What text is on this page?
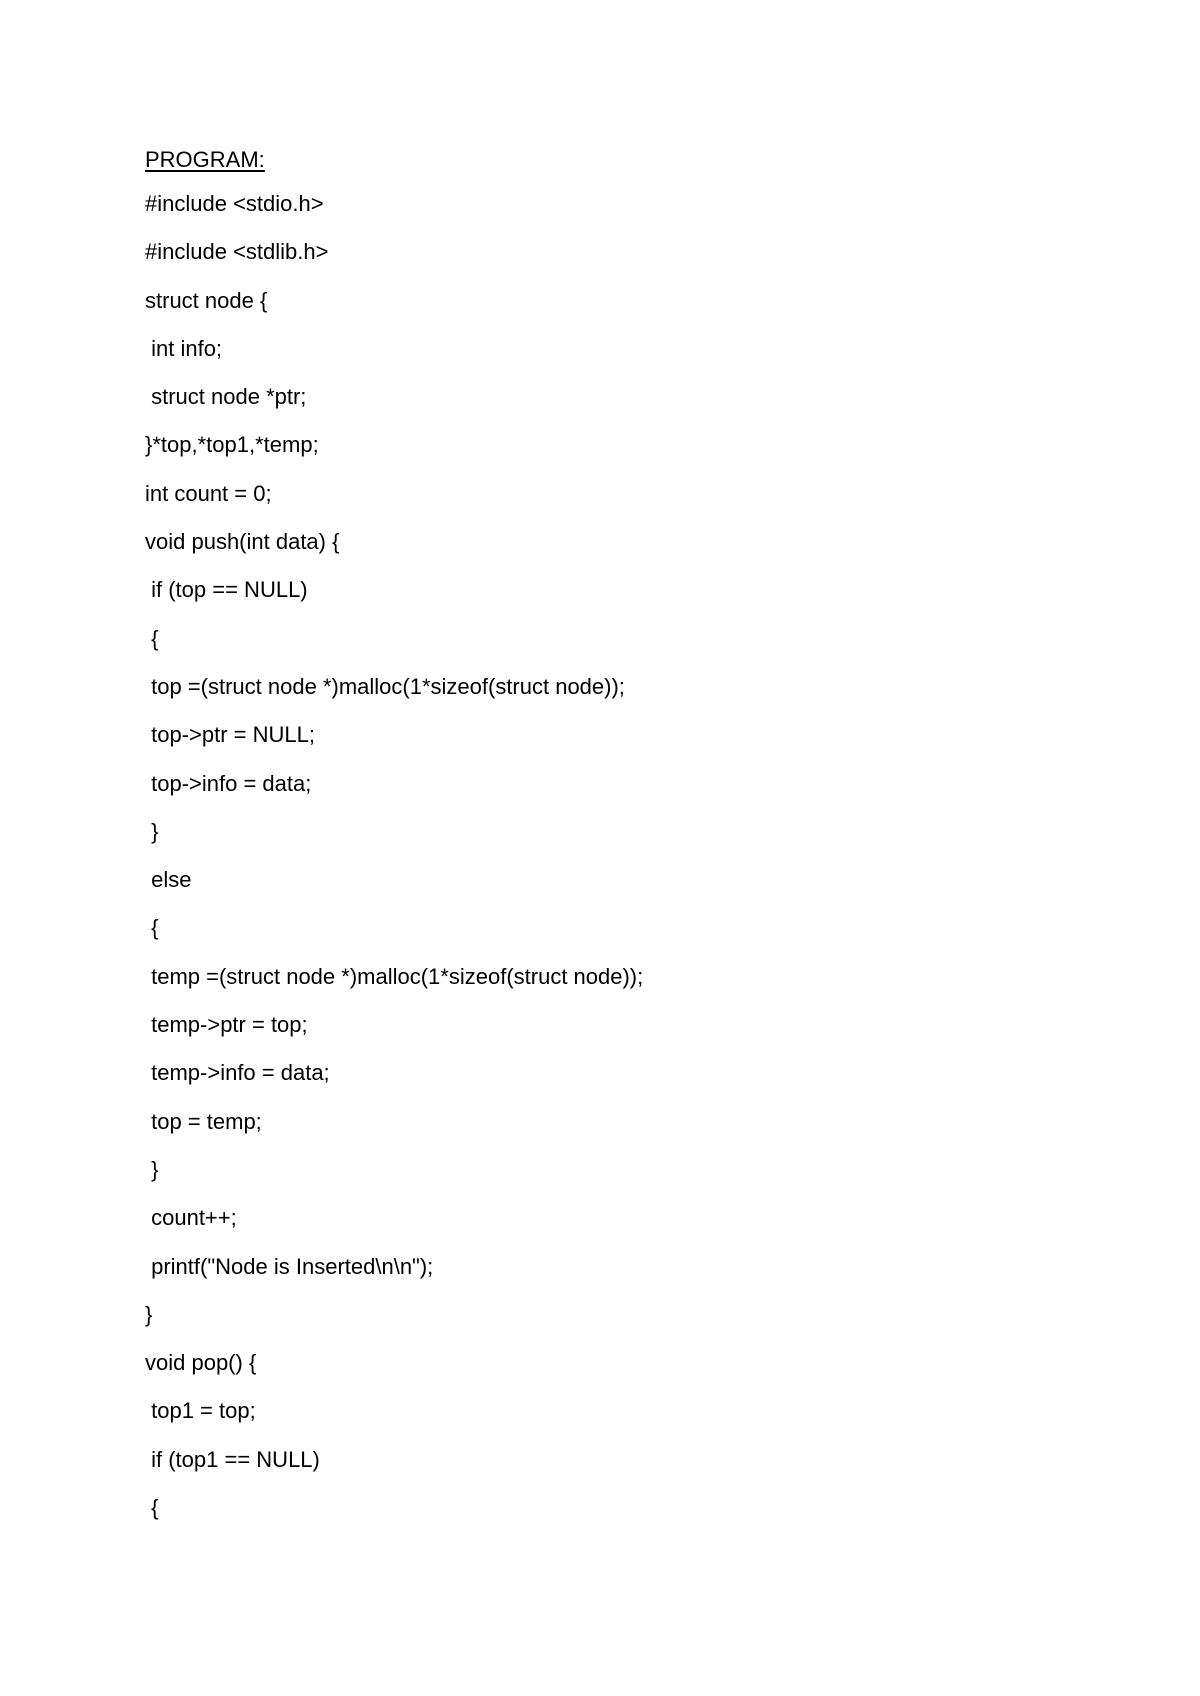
PROGRAM:
#include <stdio.h>
#include <stdlib.h>
struct node {
int info;
struct node *ptr;
}*top,*top1,*temp;
int count = 0;
void push(int data) {
if (top == NULL)
{
top =(struct node *)malloc(1*sizeof(struct node));
top->ptr = NULL;
top->info = data;
}
else
{
temp =(struct node *)malloc(1*sizeof(struct node));
temp->ptr = top;
temp->info = data;
top = temp;
}
count++;
printf("Node is Inserted\n\n");
}
void pop() {
top1 = top;
if (top1 == NULL)
{
